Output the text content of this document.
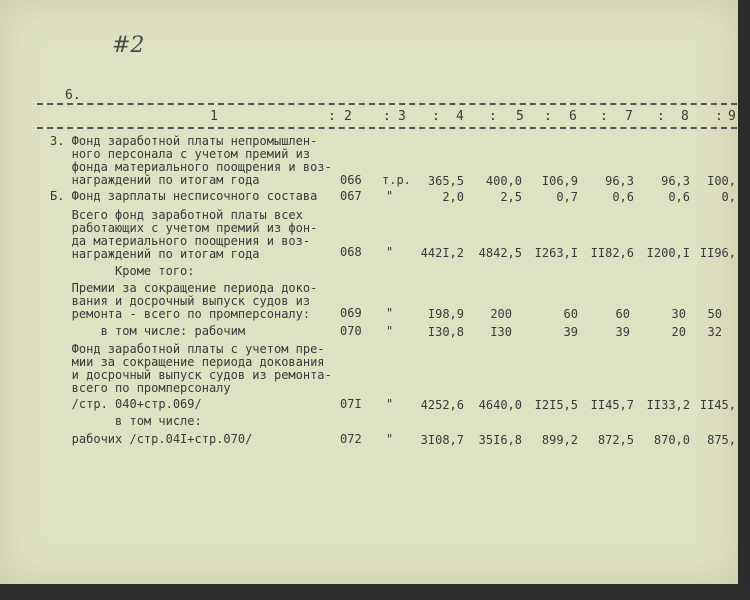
#2
6.
1	2	3	4	5	6	7	8	9
3. Фонд заработной платы непромышлен-
ного персонала с учетом премий из
фонда материального поощрения и воз-
награждений по итогам года	066 т.р. 365,5 400,0 I06,9 96,3 96,3 I00,
Б. Фонд зарплаты несписочного состава 067 "	2,0	2,5	0,7	0,6	0,6	0,
Всего фонд заработной платы всех
работающих с учетом премий из фон-
да материального поощрения и воз-
награждений по итогам года	068 " 442I,2 4842,5 I263,I II82,6 I200,I II96,
Кроме того:
Премии за сокращение периода доко-
вания и досрочный выпуск судов из
ремонта - всего по промперсоналу:	069 "	I98,9 200	60	60	30 50
в том числе: рабочим	070 "	I30,8 I30	39	39	20 32
Фонд заработной платы с учетом пре-
мии за сокращение периода докования
и досрочный выпуск судов из ремонта-
всего по промперсоналу
/стр. 040+стр.069/	07I " 4252,6 4640,0 I2I5,5 II45,7 II33,2 II45,
в том числе:
рабочих /стр.04I+стр.070/	072 " 3I08,7 35I6,8 899,2 872,5 870,0 875,
:	:	:	:	:	:	:	:
